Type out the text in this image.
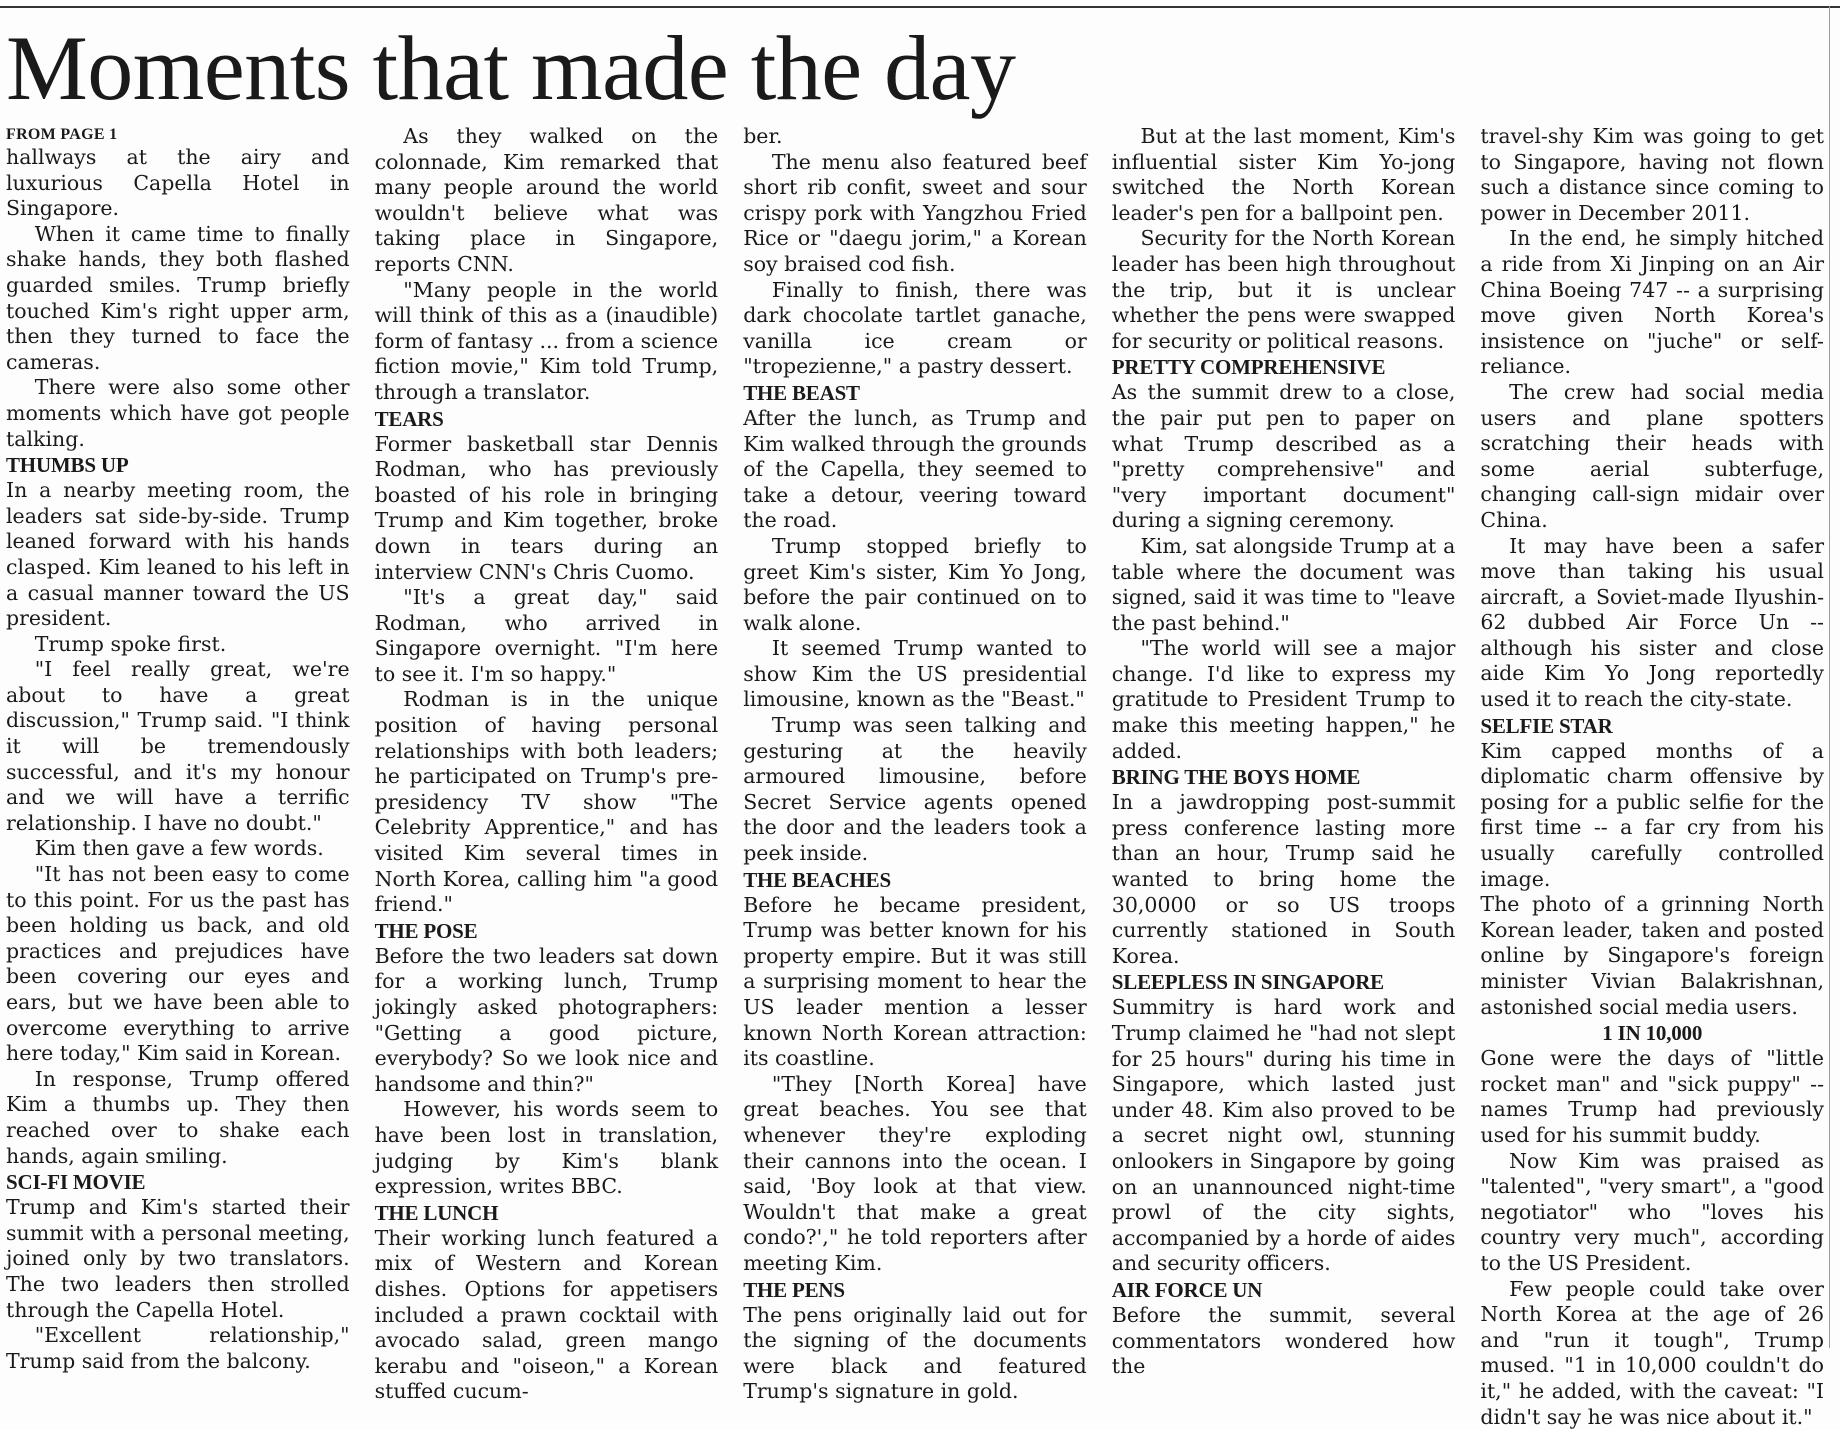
Moments that made the day
FROM PAGE 1

hallways at the airy and luxurious Capella Hotel in Singapore.

When it came time to finally shake hands, they both flashed guarded smiles. Trump briefly touched Kim's right upper arm, then they turned to face the cameras.

There were also some other moments which have got people talking.

THUMBS UP

In a nearby meeting room, the leaders sat side-by-side. Trump leaned forward with his hands clasped. Kim leaned to his left in a casual manner toward the US president.

Trump spoke first.

"I feel really great, we're about to have a great discussion," Trump said. "I think it will be tremendously successful, and it's my honour and we will have a terrific relationship. I have no doubt."

Kim then gave a few words.

"It has not been easy to come to this point. For us the past has been holding us back, and old practices and prejudices have been covering our eyes and ears, but we have been able to overcome everything to arrive here today," Kim said in Korean.

In response, Trump offered Kim a thumbs up. They then reached over to shake each hands, again smiling.

SCI-FI MOVIE

Trump and Kim's started their summit with a personal meeting, joined only by two translators. The two leaders then strolled through the Capella Hotel.

"Excellent relationship," Trump said from the balcony.

As they walked on the colonnade, Kim remarked that many people around the world wouldn't believe what was taking place in Singapore, reports CNN.

"Many people in the world will think of this as a (inaudible) form of fantasy ... from a science fiction movie," Kim told Trump, through a translator.

TEARS

Former basketball star Dennis Rodman, who has previously boasted of his role in bringing Trump and Kim together, broke down in tears during an interview CNN's Chris Cuomo.

"It's a great day," said Rodman, who arrived in Singapore overnight. "I'm here to see it. I'm so happy."

Rodman is in the unique position of having personal relationships with both leaders; he participated on Trump's pre-presidency TV show "The Celebrity Apprentice," and has visited Kim several times in North Korea, calling him "a good friend."

THE POSE

Before the two leaders sat down for a working lunch, Trump jokingly asked photographers: "Getting a good picture, everybody? So we look nice and handsome and thin?"

However, his words seem to have been lost in translation, judging by Kim's blank expression, writes BBC.

THE LUNCH

Their working lunch featured a mix of Western and Korean dishes. Options for appetisers included a prawn cocktail with avocado salad, green mango kerabu and "oiseon," a Korean stuffed cucum-

ber.

The menu also featured beef short rib confit, sweet and sour crispy pork with Yangzhou Fried Rice or "daegu jorim," a Korean soy braised cod fish.

Finally to finish, there was dark chocolate tartlet ganache, vanilla ice cream or "tropezienne," a pastry dessert.

THE BEAST

After the lunch, as Trump and Kim walked through the grounds of the Capella, they seemed to take a detour, veering toward the road.

Trump stopped briefly to greet Kim's sister, Kim Yo Jong, before the pair continued on to walk alone.

It seemed Trump wanted to show Kim the US presidential limousine, known as the "Beast."

Trump was seen talking and gesturing at the heavily armoured limousine, before Secret Service agents opened the door and the leaders took a peek inside.

THE BEACHES

Before he became president, Trump was better known for his property empire. But it was still a surprising moment to hear the US leader mention a lesser known North Korean attraction: its coastline.

"They [North Korea] have great beaches. You see that whenever they're exploding their cannons into the ocean. I said, 'Boy look at that view. Wouldn't that make a great condo?'," he told reporters after meeting Kim.

THE PENS

The pens originally laid out for the signing of the documents were black and featured Trump's signature in gold.

But at the last moment, Kim's influential sister Kim Yo-jong switched the North Korean leader's pen for a ballpoint pen.

Security for the North Korean leader has been high throughout the trip, but it is unclear whether the pens were swapped for security or political reasons.

PRETTY COMPREHENSIVE

As the summit drew to a close, the pair put pen to paper on what Trump described as a "pretty comprehensive" and "very important document" during a signing ceremony.

Kim, sat alongside Trump at a table where the document was signed, said it was time to "leave the past behind."

"The world will see a major change. I'd like to express my gratitude to President Trump to make this meeting happen," he added.

BRING THE BOYS HOME

In a jawdropping post-summit press conference lasting more than an hour, Trump said he wanted to bring home the 30,0000 or so US troops currently stationed in South Korea.

SLEEPLESS IN SINGAPORE

Summitry is hard work and Trump claimed he "had not slept for 25 hours" during his time in Singapore, which lasted just under 48. Kim also proved to be a secret night owl, stunning onlookers in Singapore by going on an unannounced night-time prowl of the city sights, accompanied by a horde of aides and security officers.

AIR FORCE UN

Before the summit, several commentators wondered how the

travel-shy Kim was going to get to Singapore, having not flown such a distance since coming to power in December 2011.

In the end, he simply hitched a ride from Xi Jinping on an Air China Boeing 747 -- a surprising move given North Korea's insistence on "juche" or self-reliance.

The crew had social media users and plane spotters scratching their heads with some aerial subterfuge, changing call-sign midair over China.

It may have been a safer move than taking his usual aircraft, a Soviet-made Ilyushin-62 dubbed Air Force Un -- although his sister and close aide Kim Yo Jong reportedly used it to reach the city-state.

SELFIE STAR

Kim capped months of a diplomatic charm offensive by posing for a public selfie for the first time -- a far cry from his usually carefully controlled image.

The photo of a grinning North Korean leader, taken and posted online by Singapore's foreign minister Vivian Balakrishnan, astonished social media users.

1 IN 10,000

Gone were the days of "little rocket man" and "sick puppy" -- names Trump had previously used for his summit buddy.

Now Kim was praised as "talented", "very smart", a "good negotiator" who "loves his country very much", according to the US President.

Few people could take over North Korea at the age of 26 and "run it tough", Trump mused. "1 in 10,000 couldn't do it," he added, with the caveat: "I didn't say he was nice about it."
